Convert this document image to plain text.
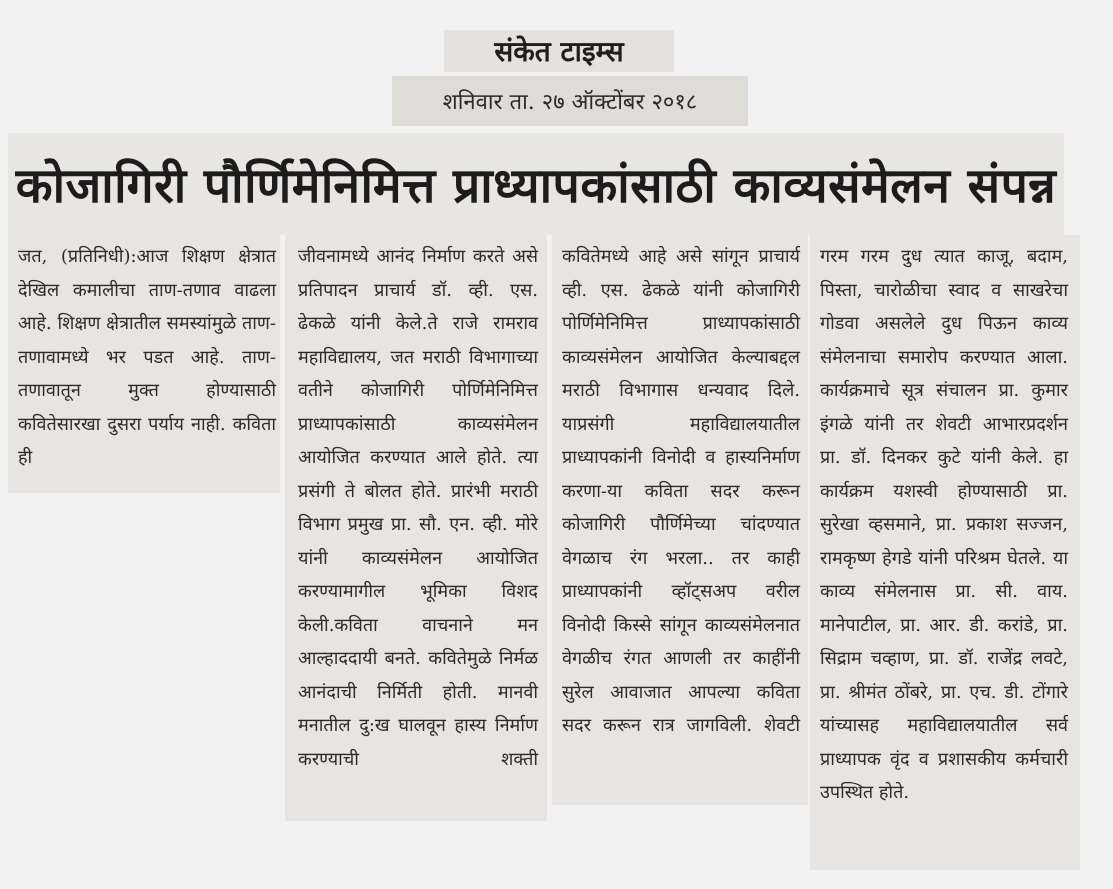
संकेत टाइम्स
शनिवार ता. २७ ऑक्टोंबर २०१८
कोजागिरी पौर्णिमेनिमित्त प्राध्यापकांसाठी काव्यसंमेलन संपन्न

जत, (प्रतिनिधी):आज शिक्षण क्षेत्रात देखिल कमालीचा ताण-तणाव वाढला आहे. शिक्षण क्षेत्रातील समस्यांमुळे ताण-तणावामध्ये भर पडत आहे. ताण-तणावातून मुक्त होण्यासाठी कवितेसारखा दुसरा पर्याय नाही. कविता ही

जीवनामध्ये आनंद निर्माण करते असे प्रतिपादन प्राचार्य डॉ. व्ही. एस. ढेकळे यांनी केले.ते राजे रामराव महाविद्यालय, जत मराठी विभागाच्या वतीने कोजागिरी पोर्णिमेनिमित्त प्राध्यापकांसाठी काव्यसंमेलन आयोजित करण्यात आले होते. त्या प्रसंगी ते बोलत होते. प्रारंभी मराठी विभाग प्रमुख प्रा. सौ. एन. व्ही. मोरे यांनी काव्यसंमेलन आयोजित करण्यामागील भूमिका विशद केली.कविता वाचनाने मन आल्हाददायी बनते. कवितेमुळे निर्मळ आनंदाची निर्मिती होती. मानवी मनातील दु:ख घालवून हास्य निर्माण करण्याची शक्ती

कवितेमध्ये आहे असे सांगून प्राचार्य व्ही. एस. ढेकळे यांनी कोजागिरी पोर्णिमेनिमित्त प्राध्यापकांसाठी काव्यसंमेलन आयोजित केल्याबद्दल मराठी विभागास धन्यवाद दिले. याप्रसंगी महाविद्यालयातील प्राध्यापकांनी विनोदी व हास्यनिर्माण करणा-या कविता सदर करून कोजागिरी पौर्णिमेच्या चांदण्यात वेगळाच रंग भरला.. तर काही प्राध्यापकांनी व्हॉट्सअप वरील विनोदी किस्से सांगून काव्यसंमेलनात वेगळीच रंगत आणली तर काहींनी सुरेल आवाजात आपल्या कविता सदर करून रात्र जागविली. शेवटी

गरम गरम दुध त्यात काजू, बदाम, पिस्ता, चारोळीचा स्वाद व साखरेचा गोडवा असलेले दुध पिऊन काव्य संमेलनाचा समारोप करण्यात आला. कार्यक्रमाचे सूत्र संचालन प्रा. कुमार इंगळे यांनी तर शेवटी आभारप्रदर्शन प्रा. डॉ. दिनकर कुटे यांनी केले. हा कार्यक्रम यशस्वी होण्यासाठी प्रा. सुरेखा व्हसमाने, प्रा. प्रकाश सज्जन, रामकृष्ण हेगडे यांनी परिश्रम घेतले. या काव्य संमेलनास प्रा. सी. वाय. मानेपाटील, प्रा. आर. डी. करांडे, प्रा. सिद्राम चव्हाण, प्रा. डॉ. राजेंद्र लवटे, प्रा. श्रीमंत ठोंबरे, प्रा. एच. डी. टोंगारे यांच्यासह महाविद्यालयातील सर्व प्राध्यापक वृंद व प्रशासकीय कर्मचारी उपस्थित होते.
